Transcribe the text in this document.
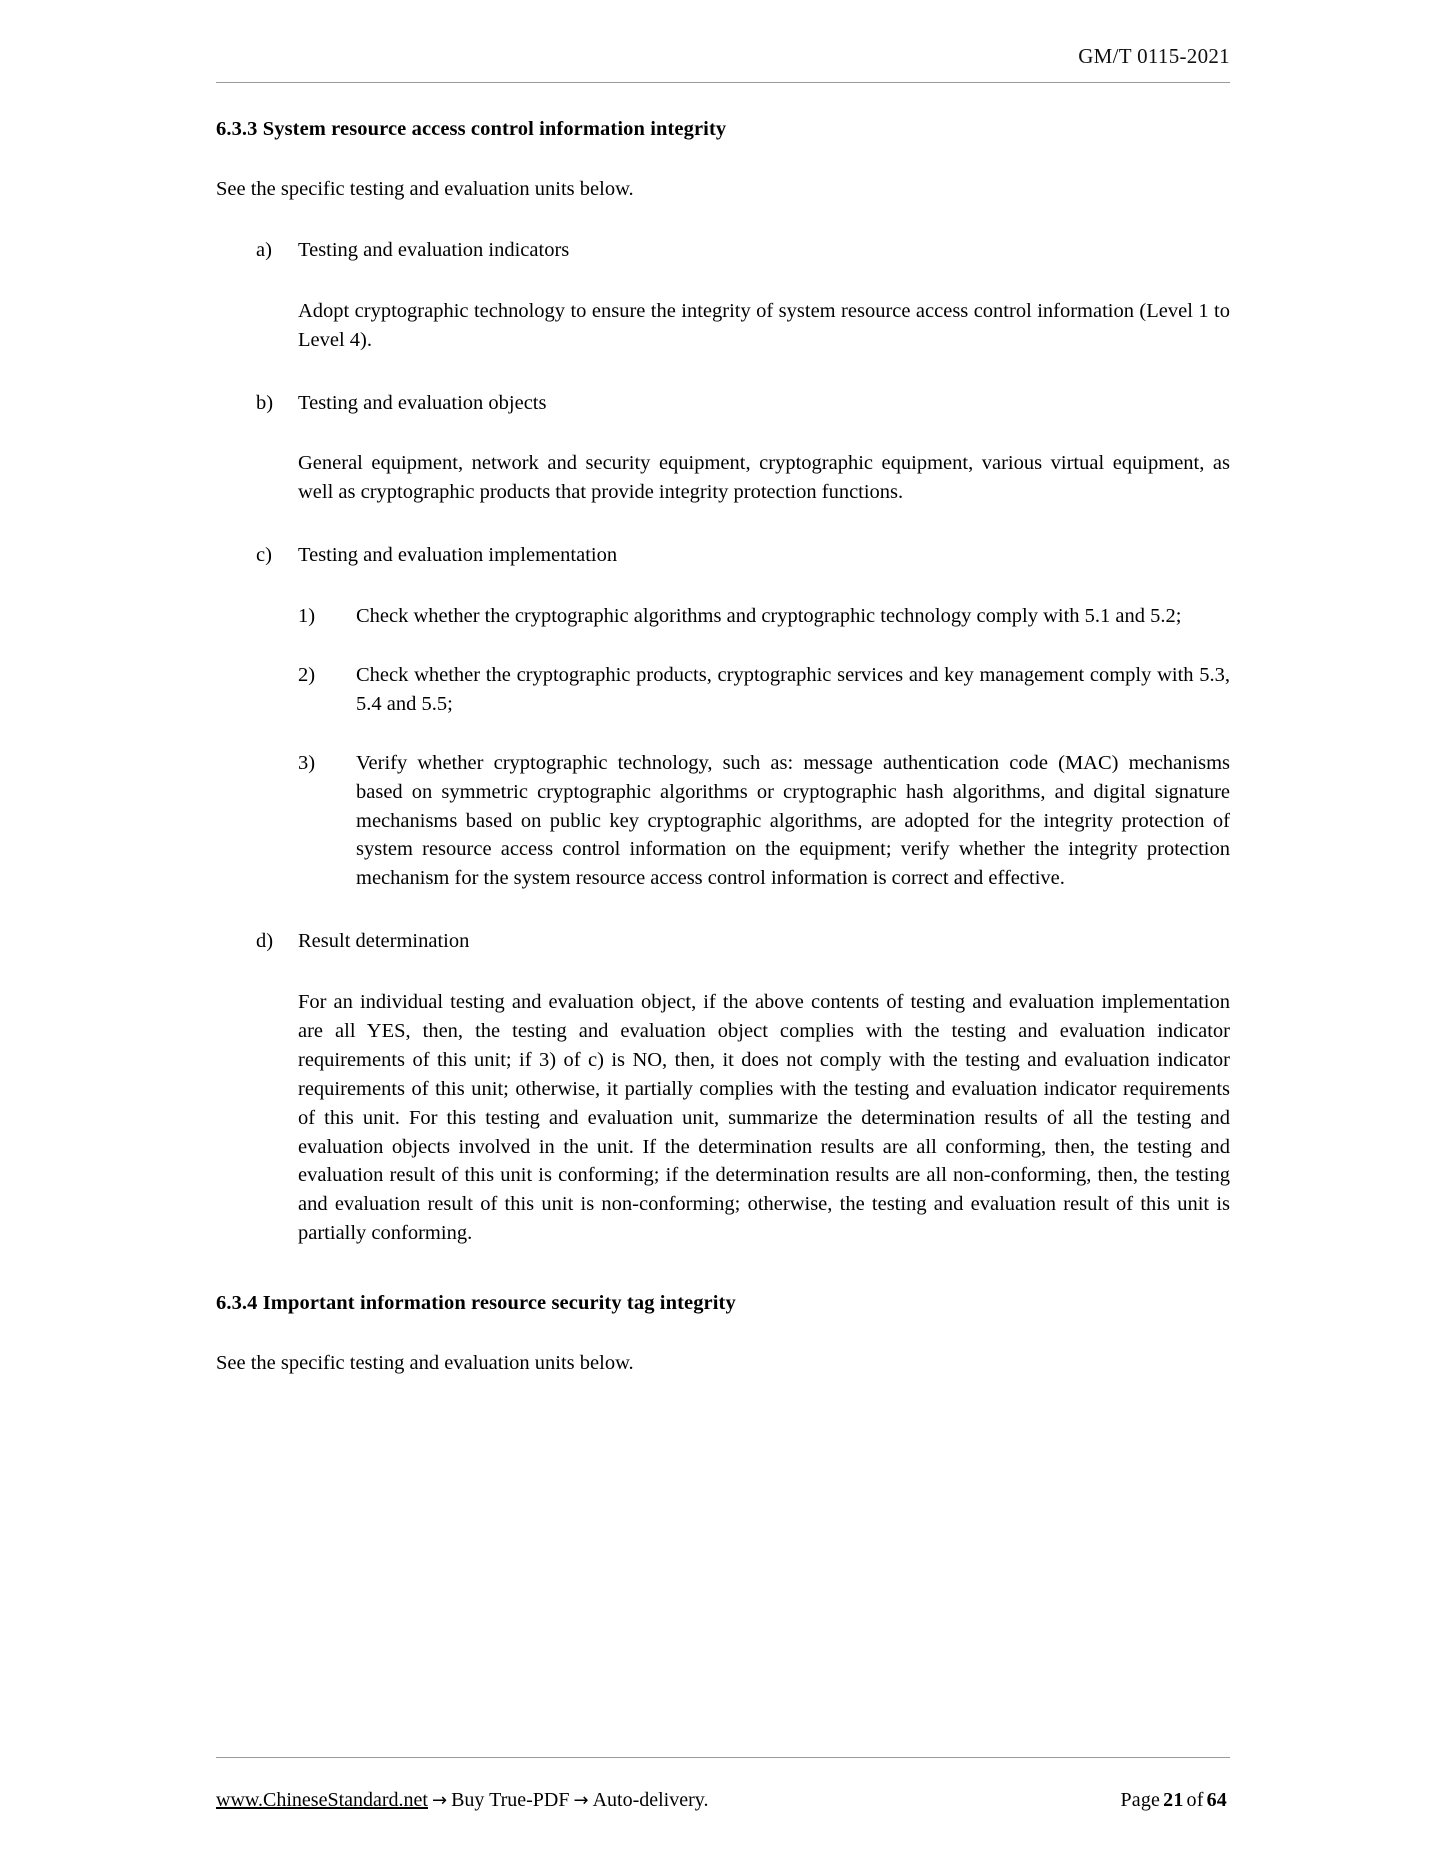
GM/T 0115-2021
6.3.3 System resource access control information integrity

See the specific testing and evaluation units below.

a) Testing and evaluation indicators

Adopt cryptographic technology to ensure the integrity of system resource access control information (Level 1 to Level 4).

b) Testing and evaluation objects

General equipment, network and security equipment, cryptographic equipment, various virtual equipment, as well as cryptographic products that provide integrity protection functions.

c) Testing and evaluation implementation

1) Check whether the cryptographic algorithms and cryptographic technology comply with 5.1 and 5.2;

2) Check whether the cryptographic products, cryptographic services and key management comply with 5.3, 5.4 and 5.5;

3) Verify whether cryptographic technology, such as: message authentication code (MAC) mechanisms based on symmetric cryptographic algorithms or cryptographic hash algorithms, and digital signature mechanisms based on public key cryptographic algorithms, are adopted for the integrity protection of system resource access control information on the equipment; verify whether the integrity protection mechanism for the system resource access control information is correct and effective.

d) Result determination

For an individual testing and evaluation object, if the above contents of testing and evaluation implementation are all YES, then, the testing and evaluation object complies with the testing and evaluation indicator requirements of this unit; if 3) of c) is NO, then, it does not comply with the testing and evaluation indicator requirements of this unit; otherwise, it partially complies with the testing and evaluation indicator requirements of this unit. For this testing and evaluation unit, summarize the determination results of all the testing and evaluation objects involved in the unit. If the determination results are all conforming, then, the testing and evaluation result of this unit is conforming; if the determination results are all non-conforming, then, the testing and evaluation result of this unit is non-conforming; otherwise, the testing and evaluation result of this unit is partially conforming.

6.3.4 Important information resource security tag integrity

See the specific testing and evaluation units below.

www.ChineseStandard.net → Buy True-PDF → Auto-delivery.	Page 21 of 64
